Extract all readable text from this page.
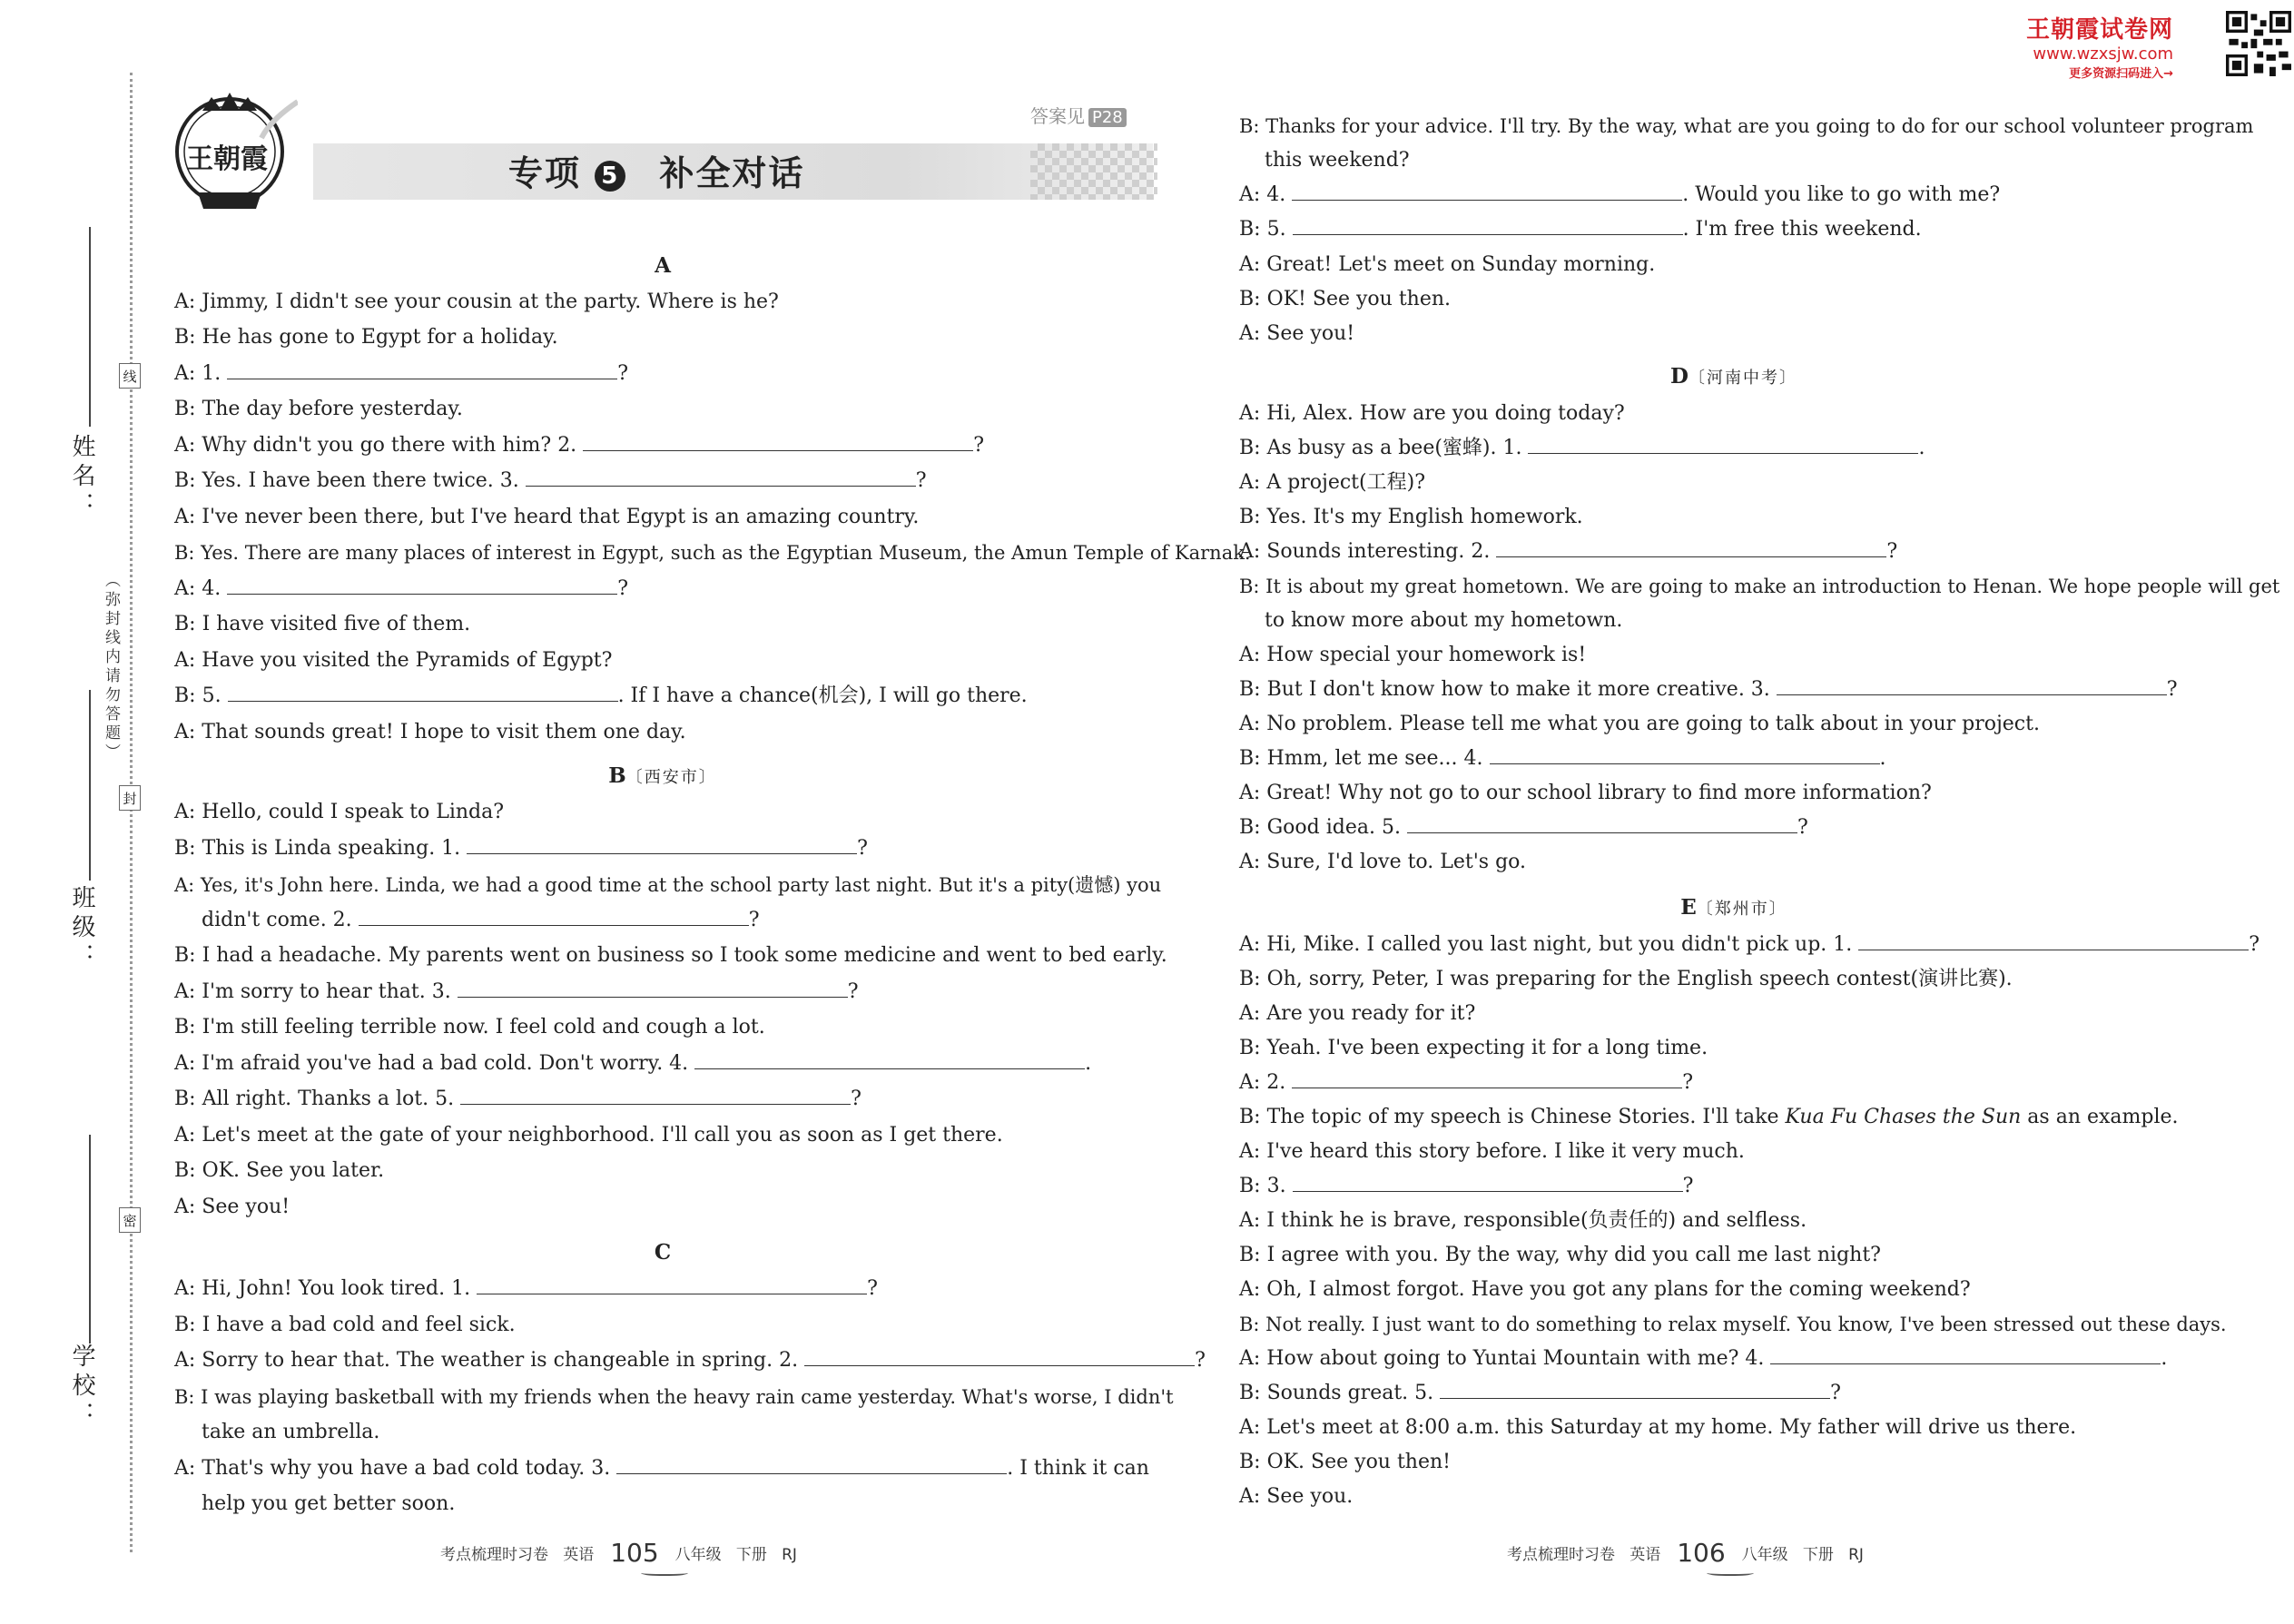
王朝霞试卷网
www.wzxsjw.com
更多资源扫码进入→
姓名：
班级：
学校：
（弥封线内请勿答题）
线
封
密
王朝霞
答案见 P28
专项 5 补全对话
A
A: Jimmy, I didn't see your cousin at the party. Where is he?
B: He has gone to Egypt for a holiday.
A: 1.	?
B: The day before yesterday.
A: Why didn't you go there with him? 2.	?
B: Yes. I have been there twice. 3.	?
A: I've never been there, but I've heard that Egypt is an amazing country.
B: Yes. There are many places of interest in Egypt, such as the Egyptian Museum, the Amun Temple of Karnak.
A: 4.	?
B: I have visited five of them.
A: Have you visited the Pyramids of Egypt?
B: 5.	. If I have a chance(机会), I will go there.
A: That sounds great! I hope to visit them one day.
B〔西安市〕
A: Hello, could I speak to Linda?
B: This is Linda speaking. 1.	?
A: Yes, it's John here. Linda, we had a good time at the school party last night. But it's a pity(遗憾) you
didn't come. 2.	?
B: I had a headache. My parents went on business so I took some medicine and went to bed early.
A: I'm sorry to hear that. 3.	?
B: I'm still feeling terrible now. I feel cold and cough a lot.
A: I'm afraid you've had a bad cold. Don't worry. 4.	.
B: All right. Thanks a lot. 5.	?
A: Let's meet at the gate of your neighborhood. I'll call you as soon as I get there.
B: OK. See you later.
A: See you!
C
A: Hi, John! You look tired. 1.	?
B: I have a bad cold and feel sick.
A: Sorry to hear that. The weather is changeable in spring. 2.	?
B: I was playing basketball with my friends when the heavy rain came yesterday. What's worse, I didn't
take an umbrella.
A: That's why you have a bad cold today. 3.	. I think it can
help you get better soon.
考点梳理时习卷 英语 105 八年级 下册 RJ
B: Thanks for your advice. I'll try. By the way, what are you going to do for our school volunteer program
this weekend?
A: 4.	. Would you like to go with me?
B: 5.	. I'm free this weekend.
A: Great! Let's meet on Sunday morning.
B: OK! See you then.
A: See you!
D〔河南中考〕
A: Hi, Alex. How are you doing today?
B: As busy as a bee(蜜蜂). 1.	.
A: A project(工程)?
B: Yes. It's my English homework.
A: Sounds interesting. 2.	?
B: It is about my great hometown. We are going to make an introduction to Henan. We hope people will get
to know more about my hometown.
A: How special your homework is!
B: But I don't know how to make it more creative. 3.	?
A: No problem. Please tell me what you are going to talk about in your project.
B: Hmm, let me see... 4.	.
A: Great! Why not go to our school library to find more information?
B: Good idea. 5.	?
A: Sure, I'd love to. Let's go.
E〔郑州市〕
A: Hi, Mike. I called you last night, but you didn't pick up. 1.	?
B: Oh, sorry, Peter, I was preparing for the English speech contest(演讲比赛).
A: Are you ready for it?
B: Yeah. I've been expecting it for a long time.
A: 2.	?
B: The topic of my speech is Chinese Stories. I'll take Kua Fu Chases the Sun as an example.
A: I've heard this story before. I like it very much.
B: 3.	?
A: I think he is brave, responsible(负责任的) and selfless.
B: I agree with you. By the way, why did you call me last night?
A: Oh, I almost forgot. Have you got any plans for the coming weekend?
B: Not really. I just want to do something to relax myself. You know, I've been stressed out these days.
A: How about going to Yuntai Mountain with me? 4.	.
B: Sounds great. 5.	?
A: Let's meet at 8:00 a.m. this Saturday at my home. My father will drive us there.
B: OK. See you then!
A: See you.
考点梳理时习卷 英语 106 八年级 下册 RJ
